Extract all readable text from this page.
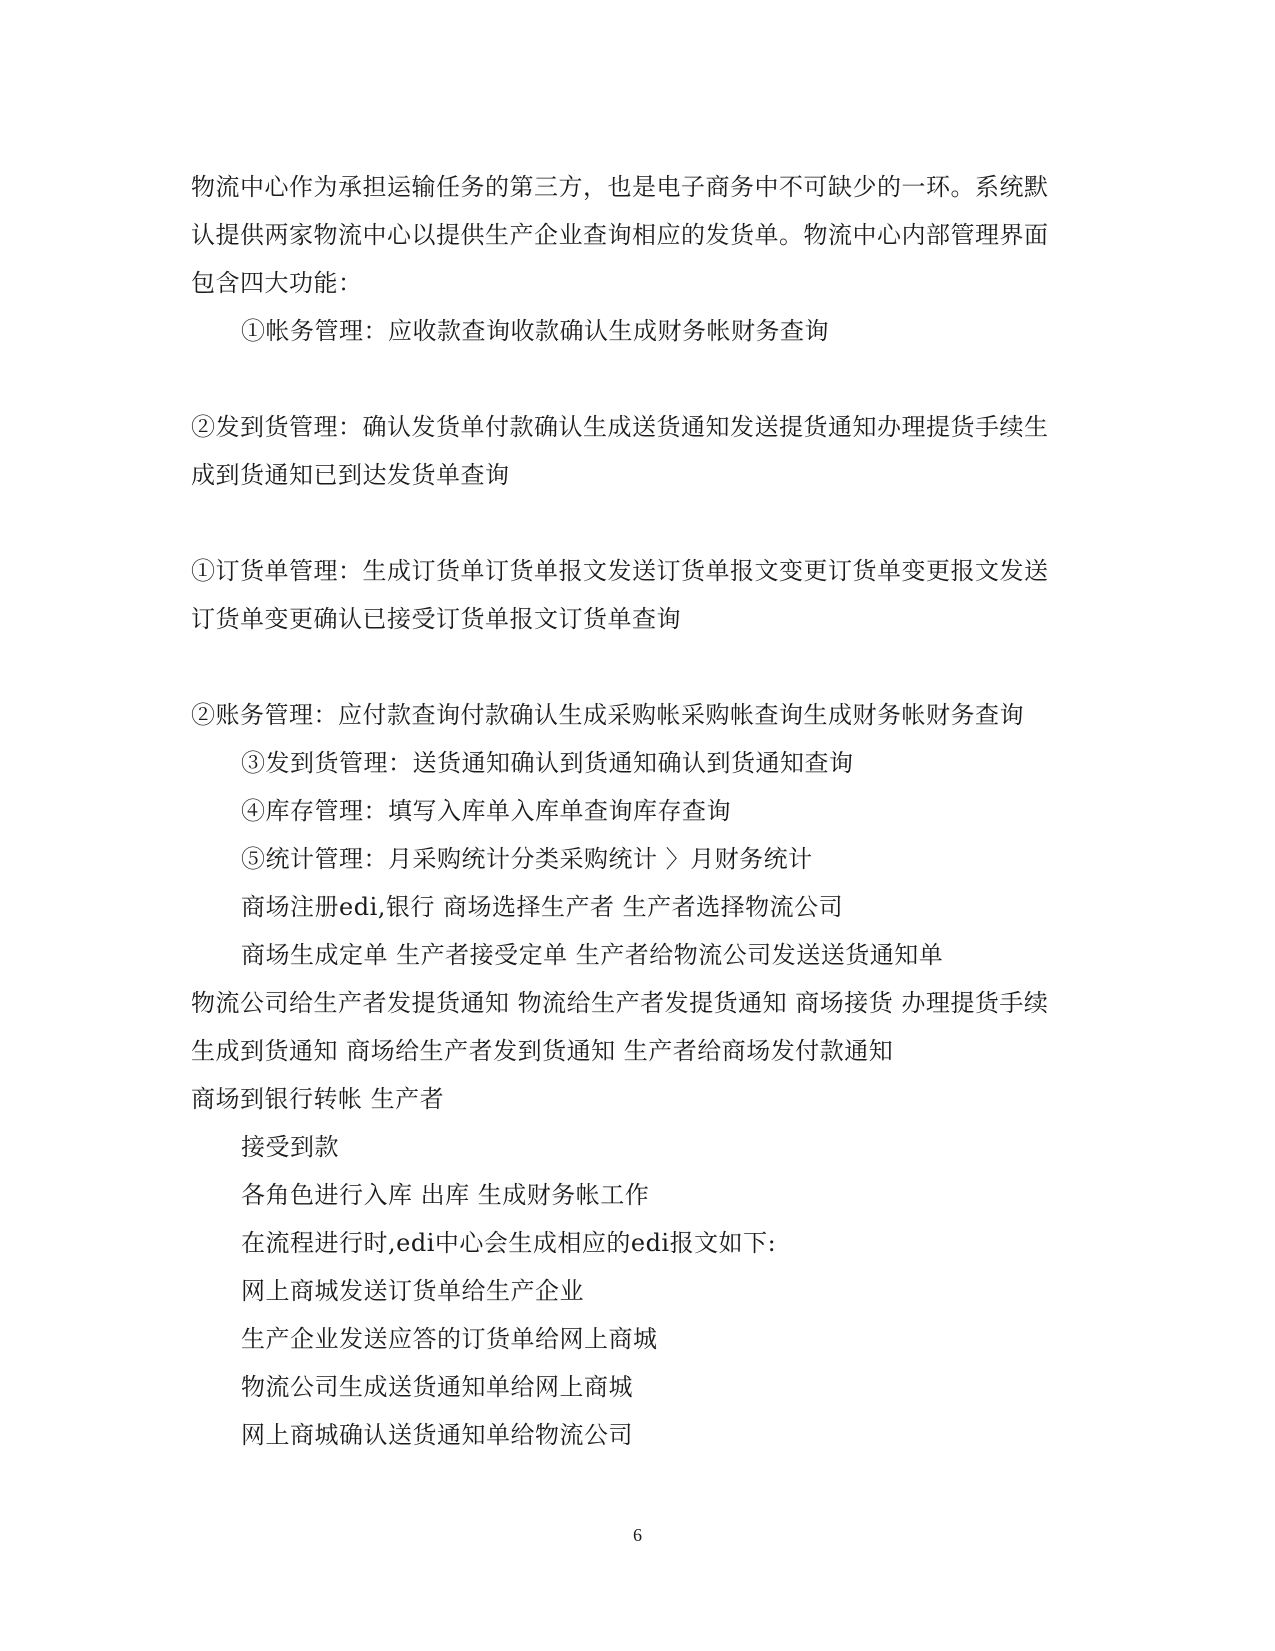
物流中心作为承担运输任务的第三方，也是电子商务中不可缺少的一环。系统默
认提供两家物流中心以提供生产企业查询相应的发货单。物流中心内部管理界面
包含四大功能：
①帐务管理：应收款查询收款确认生成财务帐财务查询
②发到货管理：确认发货单付款确认生成送货通知发送提货通知办理提货手续生
成到货通知已到达发货单查询
①订货单管理：生成订货单订货单报文发送订货单报文变更订货单变更报文发送
订货单变更确认已接受订货单报文订货单查询
②账务管理：应付款查询付款确认生成采购帐采购帐查询生成财务帐财务查询
③发到货管理：送货通知确认到货通知确认到货通知查询
④库存管理：填写入库单入库单查询库存查询
⑤统计管理：月采购统计分类采购统计 〉月财务统计
商场注册edi,银行 商场选择生产者 生产者选择物流公司
商场生成定单 生产者接受定单 生产者给物流公司发送送货通知单
物流公司给生产者发提货通知 物流给生产者发提货通知 商场接货 办理提货手续
生成到货通知 商场给生产者发到货通知 生产者给商场发付款通知
商场到银行转帐 生产者
接受到款
各角色进行入库 出库 生成财务帐工作
在流程进行时,edi中心会生成相应的edi报文如下:
网上商城发送订货单给生产企业
生产企业发送应答的订货单给网上商城
物流公司生成送货通知单给网上商城
网上商城确认送货通知单给物流公司
6
